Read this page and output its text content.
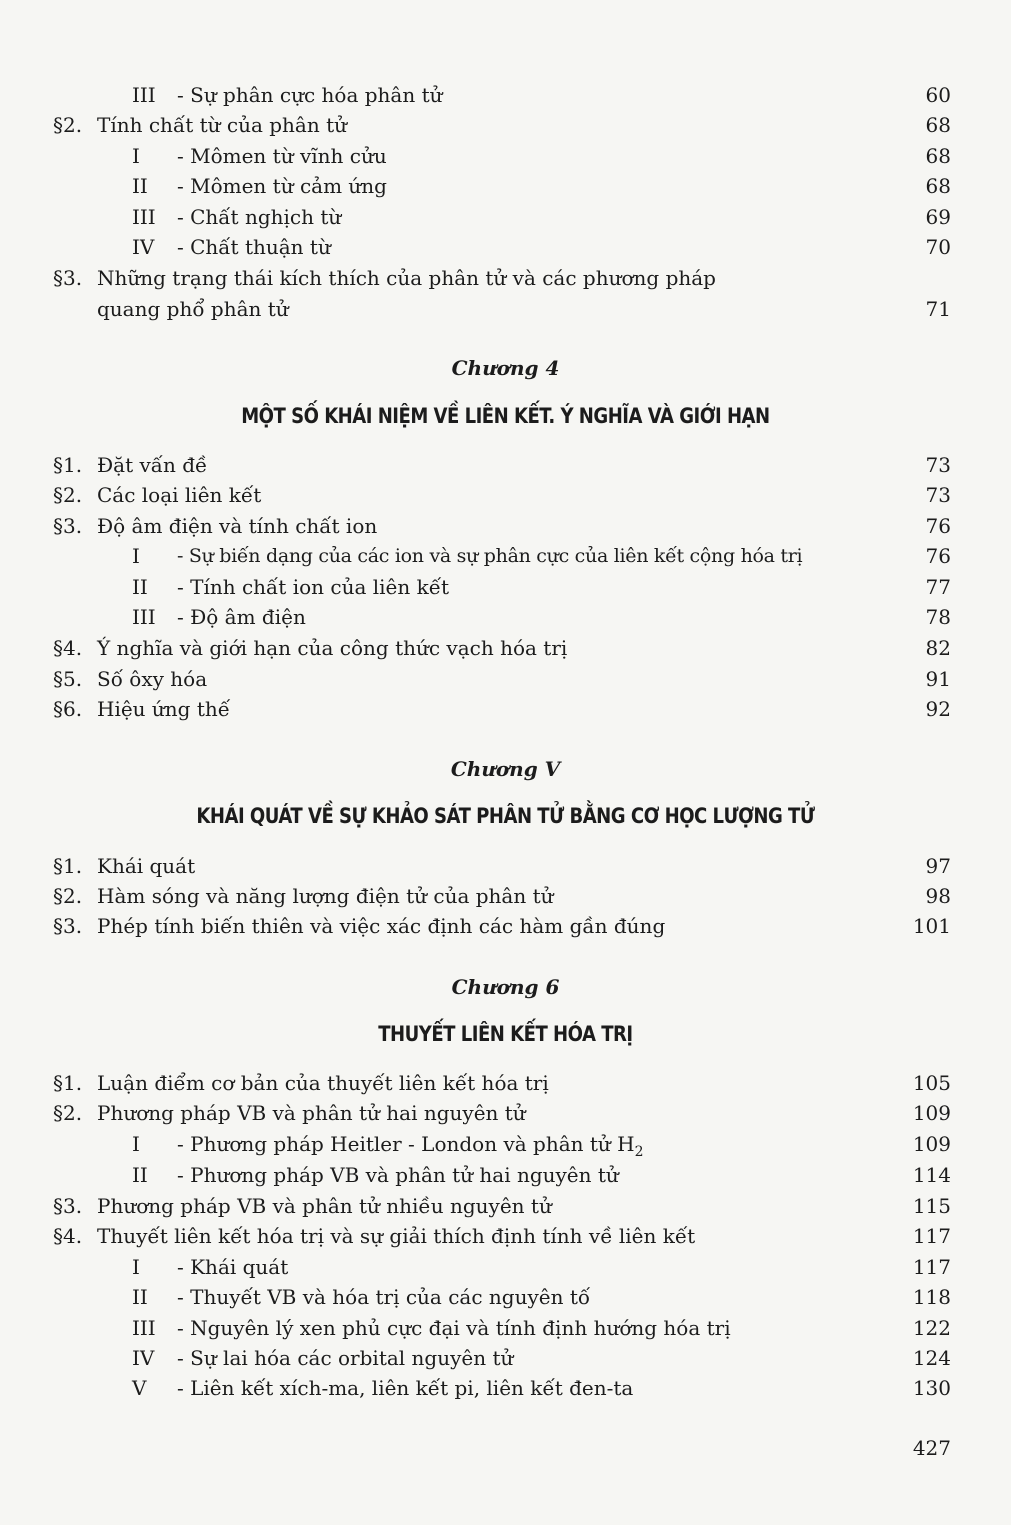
III - Sự phân cực hóa phân tử	60
§2. Tính chất từ của phân tử	68
I - Mômen từ vĩnh cửu	68
II - Mômen từ cảm ứng	68
III - Chất nghịch từ	69
IV - Chất thuận từ	70
§3. Những trạng thái kích thích của phân tử và các phương pháp
quang phổ phân tử	71
Chương 4
MỘT SỐ KHÁI NIỆM VỀ LIÊN KẾT. Ý NGHĨA VÀ GIỚI HẠN
§1. Đặt vấn đề	73
§2. Các loại liên kết	73
§3. Độ âm điện và tính chất ion	76
I - Sự biến dạng của các ion và sự phân cực của liên kết cộng hóa trị	76
II - Tính chất ion của liên kết	77
III - Độ âm điện	78
§4. Ý nghĩa và giới hạn của công thức vạch hóa trị	82
§5. Số ôxy hóa	91
§6. Hiệu ứng thế	92
Chương V
KHÁI QUÁT VỀ SỰ KHẢO SÁT PHÂN TỬ BẰNG CƠ HỌC LƯỢNG TỬ
§1. Khái quát	97
§2. Hàm sóng và năng lượng điện tử của phân tử	98
§3. Phép tính biến thiên và việc xác định các hàm gần đúng	101
Chương 6
THUYẾT LIÊN KẾT HÓA TRỊ
§1. Luận điểm cơ bản của thuyết liên kết hóa trị	105
§2. Phương pháp VB và phân tử hai nguyên tử	109
I - Phương pháp Heitler - London và phân tử $H_2$	109
II - Phương pháp VB và phân tử hai nguyên tử	114
§3. Phương pháp VB và phân tử nhiều nguyên tử	115
§4. Thuyết liên kết hóa trị và sự giải thích định tính về liên kết	117
I - Khái quát	117
II - Thuyết VB và hóa trị của các nguyên tố	118
III - Nguyên lý xen phủ cực đại và tính định hướng hóa trị	122
IV - Sự lai hóa các orbital nguyên tử	124
V - Liên kết xích-ma, liên kết pi, liên kết đen-ta	130
427
